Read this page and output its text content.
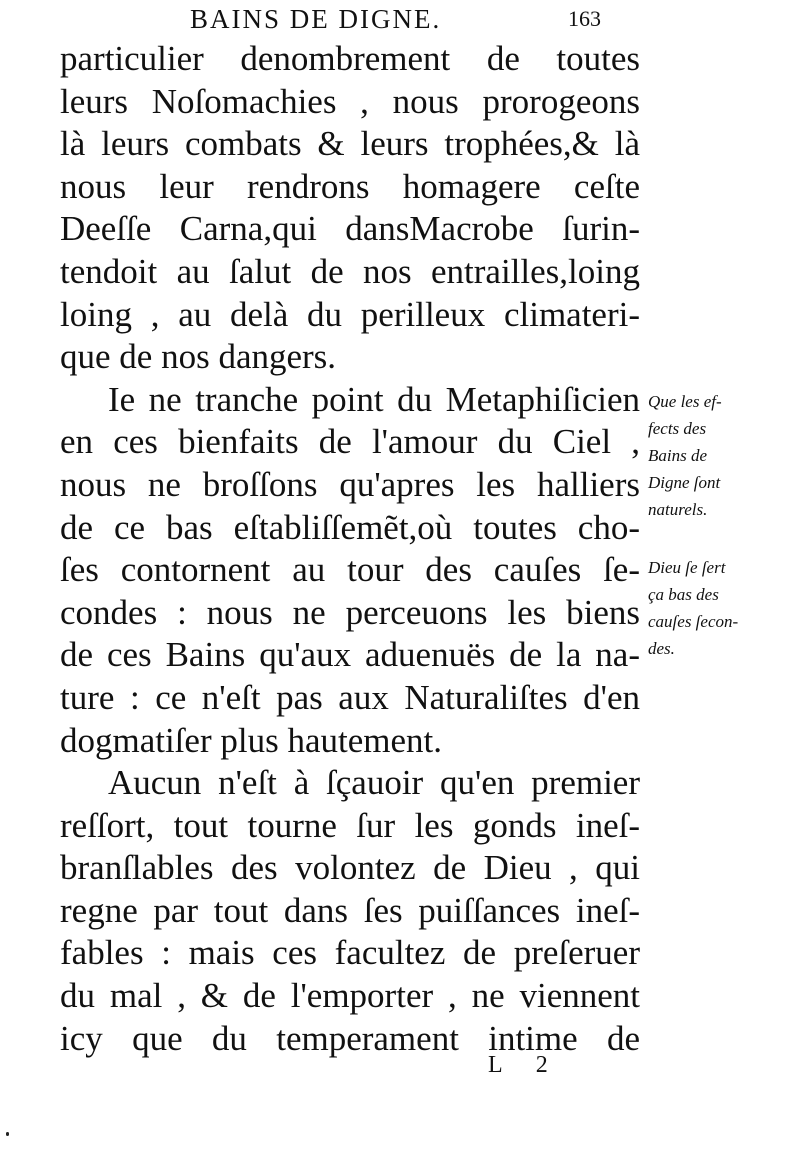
BAINS DE DIGNE.	163
particulier denombrement de toutes
leurs Noſomachies , nous prorogeons
là leurs combats & leurs trophées,& là
nous leur rendrons homagere ceſte
Deeſſe Carna,qui dansMacrobe ſurin-
tendoit au ſalut de nos entrailles,loing
loing , au delà du perilleux climateri-
que de nos dangers.
Ie ne tranche point du Metaphiſicien
en ces bienfaits de l'amour du Ciel ,
nous ne broſſons qu'apres les halliers
de ce bas eſtabliſſemẽt,où toutes cho-
ſes contornent au tour des cauſes ſe-
condes : nous ne perceuons les biens
de ces Bains qu'aux aduenuës de la na-
ture : ce n'eſt pas aux Naturaliſtes d'en
dogmatiſer plus hautement.
Aucun n'eſt à ſçauoir qu'en premier
reſſort, tout tourne ſur les gonds ineſ-
branſlables des volontez de Dieu , qui
regne par tout dans ſes puiſſances ineſ-
fables : mais ces facultez de preſeruer
du mal , & de l'emporter , ne viennent
icy que du temperament intime de
Que les ef-
fects des
Bains de
Digne ſont
naturels.
Dieu ſe ſert
ça bas des
cauſes ſecon-
des.
L 2
